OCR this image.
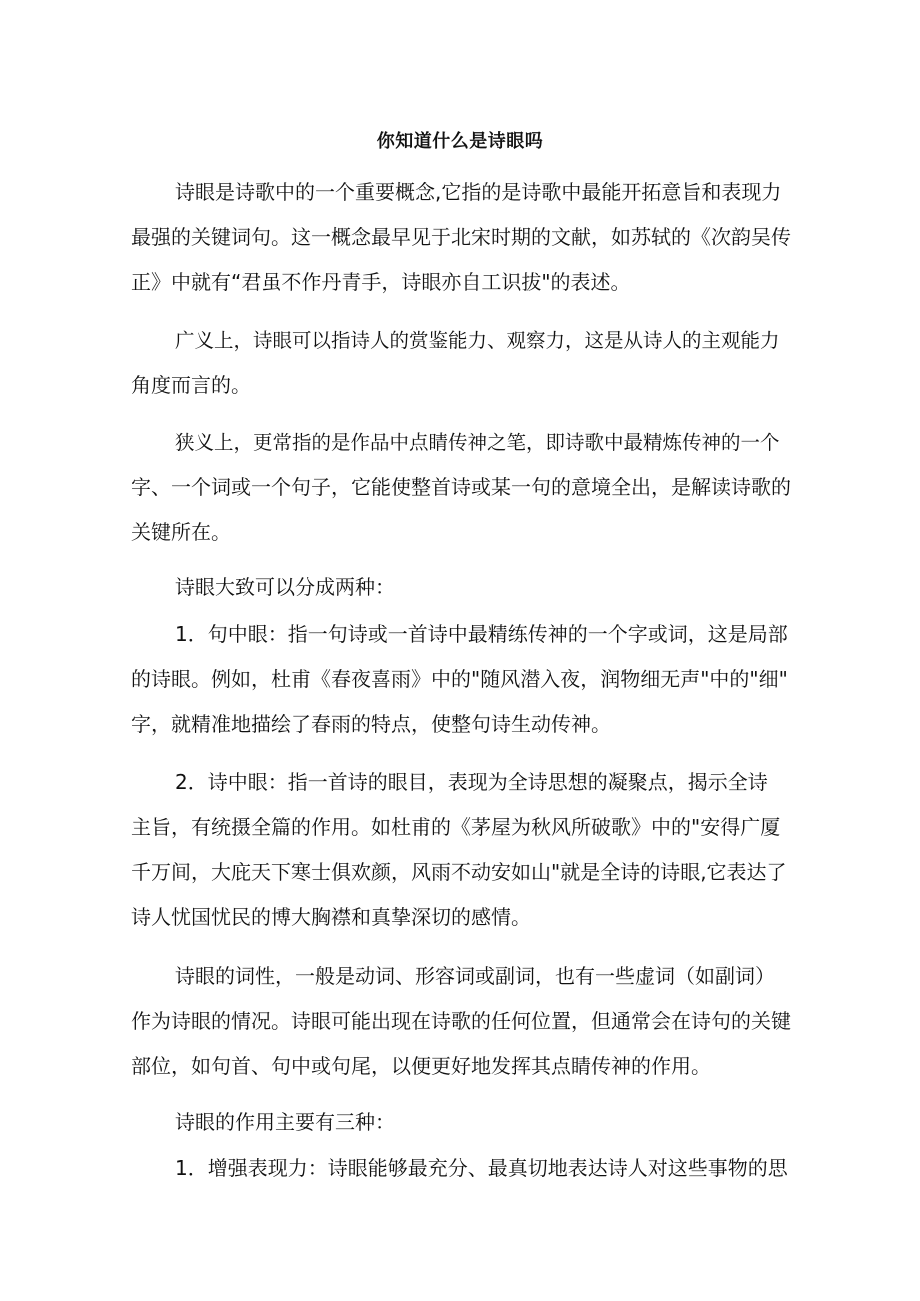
你知道什么是诗眼吗
诗眼是诗歌中的一个重要概念,它指的是诗歌中最能开拓意旨和表现力
最强的关键词句。这一概念最早见于北宋时期的文献，如苏轼的《次韵吴传
正》中就有“君虽不作丹青手，诗眼亦自工识拔"的表述。
广义上，诗眼可以指诗人的赏鉴能力、观察力，这是从诗人的主观能力
角度而言的。
狭义上，更常指的是作品中点睛传神之笔，即诗歌中最精炼传神的一个
字、一个词或一个句子，它能使整首诗或某一句的意境全出，是解读诗歌的
关键所在。
诗眼大致可以分成两种：
1．句中眼：指一句诗或一首诗中最精练传神的一个字或词，这是局部
的诗眼。例如，杜甫《春夜喜雨》中的"随风潜入夜，润物细无声"中的"细"
字，就精准地描绘了春雨的特点，使整句诗生动传神。
2．诗中眼：指一首诗的眼目，表现为全诗思想的凝聚点，揭示全诗
主旨，有统摄全篇的作用。如杜甫的《茅屋为秋风所破歌》中的"安得广厦
千万间，大庇天下寒士俱欢颜，风雨不动安如山"就是全诗的诗眼,它表达了
诗人忧国忧民的博大胸襟和真挚深切的感情。
诗眼的词性，一般是动词、形容词或副词，也有一些虚词（如副词）
作为诗眼的情况。诗眼可能出现在诗歌的任何位置，但通常会在诗句的关键
部位，如句首、句中或句尾，以便更好地发挥其点睛传神的作用。
诗眼的作用主要有三种：
1．增强表现力：诗眼能够最充分、最真切地表达诗人对这些事物的思
